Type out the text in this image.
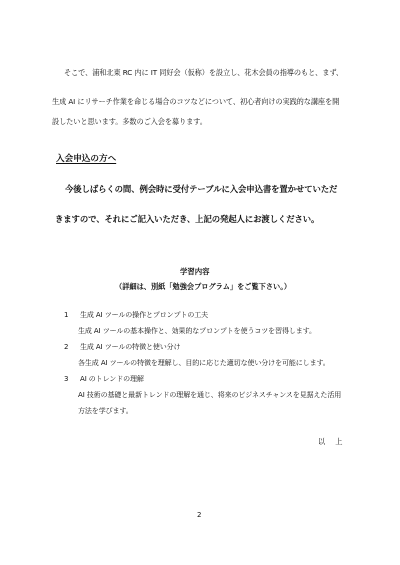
そこで、浦和北東 RC 内に IT 同好会（仮称）を設立し、花木会員の指導のもと、まず、
生成 AI にリサーチ作業を命じる場合のコツなどについて、初心者向けの実践的な講座を開
設したいと思います。多数のご入会を募ります。
入会申込の方へ
今後しばらくの間、例会時に受付テーブルに入会申込書を置かせていただ
きますので、それにご記入いただき、上記の発起人にお渡しください。
学習内容
（詳細は、別紙「勉強会プログラム」をご覧下さい。）
1 生成 AI ツールの操作とプロンプトの工夫
生成 AI ツールの基本操作と、効果的なプロンプトを使うコツを習得します。
2 生成 AI ツールの特徴と使い分け
各生成 AI ツールの特徴を理解し、目的に応じた適切な使い分けを可能にします。
3 AI のトレンドの理解
AI 技術の基礎と最新トレンドの理解を通じ、将来のビジネスチャンスを見据えた活用
方法を学びます。
以上
2
